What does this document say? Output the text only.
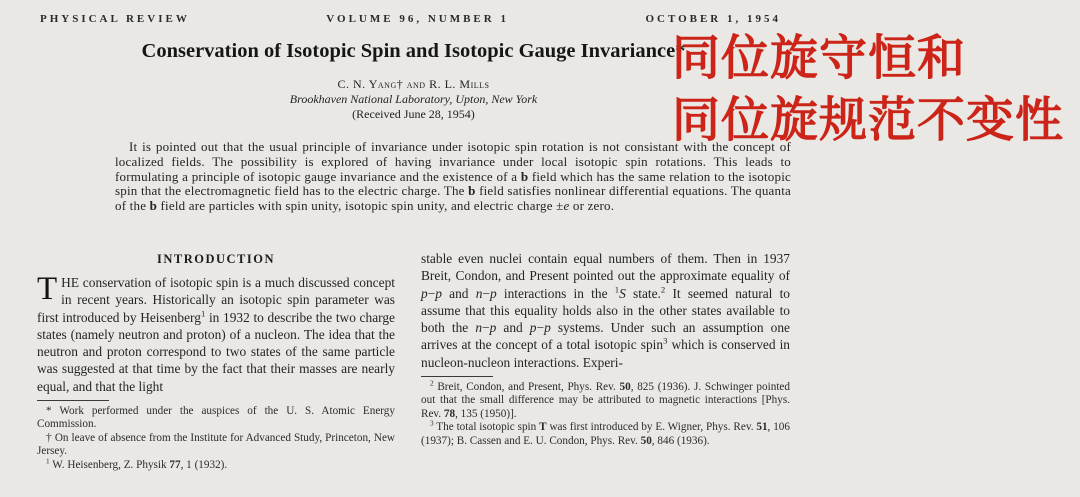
PHYSICAL REVIEW	VOLUME 96, NUMBER 1	OCTOBER 1, 1954
Conservation of Isotopic Spin and Isotopic Gauge Invariance*
C. N. Yang† and R. L. Mills
Brookhaven National Laboratory, Upton, New York
(Received June 28, 1954)

It is pointed out that the usual principle of invariance under isotopic spin rotation is not consistant with the concept of localized fields. The possibility is explored of having invariance under local isotopic spin rotations. This leads to formulating a principle of isotopic gauge invariance and the existence of a b field which has the same relation to the isotopic spin that the electromagnetic field has to the electric charge. The b field satisfies nonlinear differential equations. The quanta of the b field are particles with spin unity, isotopic spin unity, and electric charge ±e or zero.

INTRODUCTION

THE conservation of isotopic spin is a much discussed concept in recent years. Historically an isotopic spin parameter was first introduced by Heisenberg$^1$ in 1932 to describe the two charge states (namely neutron and proton) of a nucleon. The idea that the neutron and proton correspond to two states of the same particle was suggested at that time by the fact that their masses are nearly equal, and that the light

* Work performed under the auspices of the U. S. Atomic Energy Commission.

† On leave of absence from the Institute for Advanced Study, Princeton, New Jersey.

$^1$ W. Heisenberg, Z. Physik 77, 1 (1932).

stable even nuclei contain equal numbers of them. Then in 1937 Breit, Condon, and Present pointed out the approximate equality of p−p and n−p interactions in the $^1$S state.$^2$ It seemed natural to assume that this equality holds also in the other states available to both the n−p and p−p systems. Under such an assumption one arrives at the concept of a total isotopic spin$^3$ which is conserved in nucleon-nucleon interactions. Experi-

$^2$ Breit, Condon, and Present, Phys. Rev. 50, 825 (1936). J. Schwinger pointed out that the small difference may be attributed to magnetic interactions [Phys. Rev. 78, 135 (1950)].

$^3$ The total isotopic spin T was first introduced by E. Wigner, Phys. Rev. 51, 106 (1937); B. Cassen and E. U. Condon, Phys. Rev. 50, 846 (1936).

同位旋守恒和
同位旋规范不变性
